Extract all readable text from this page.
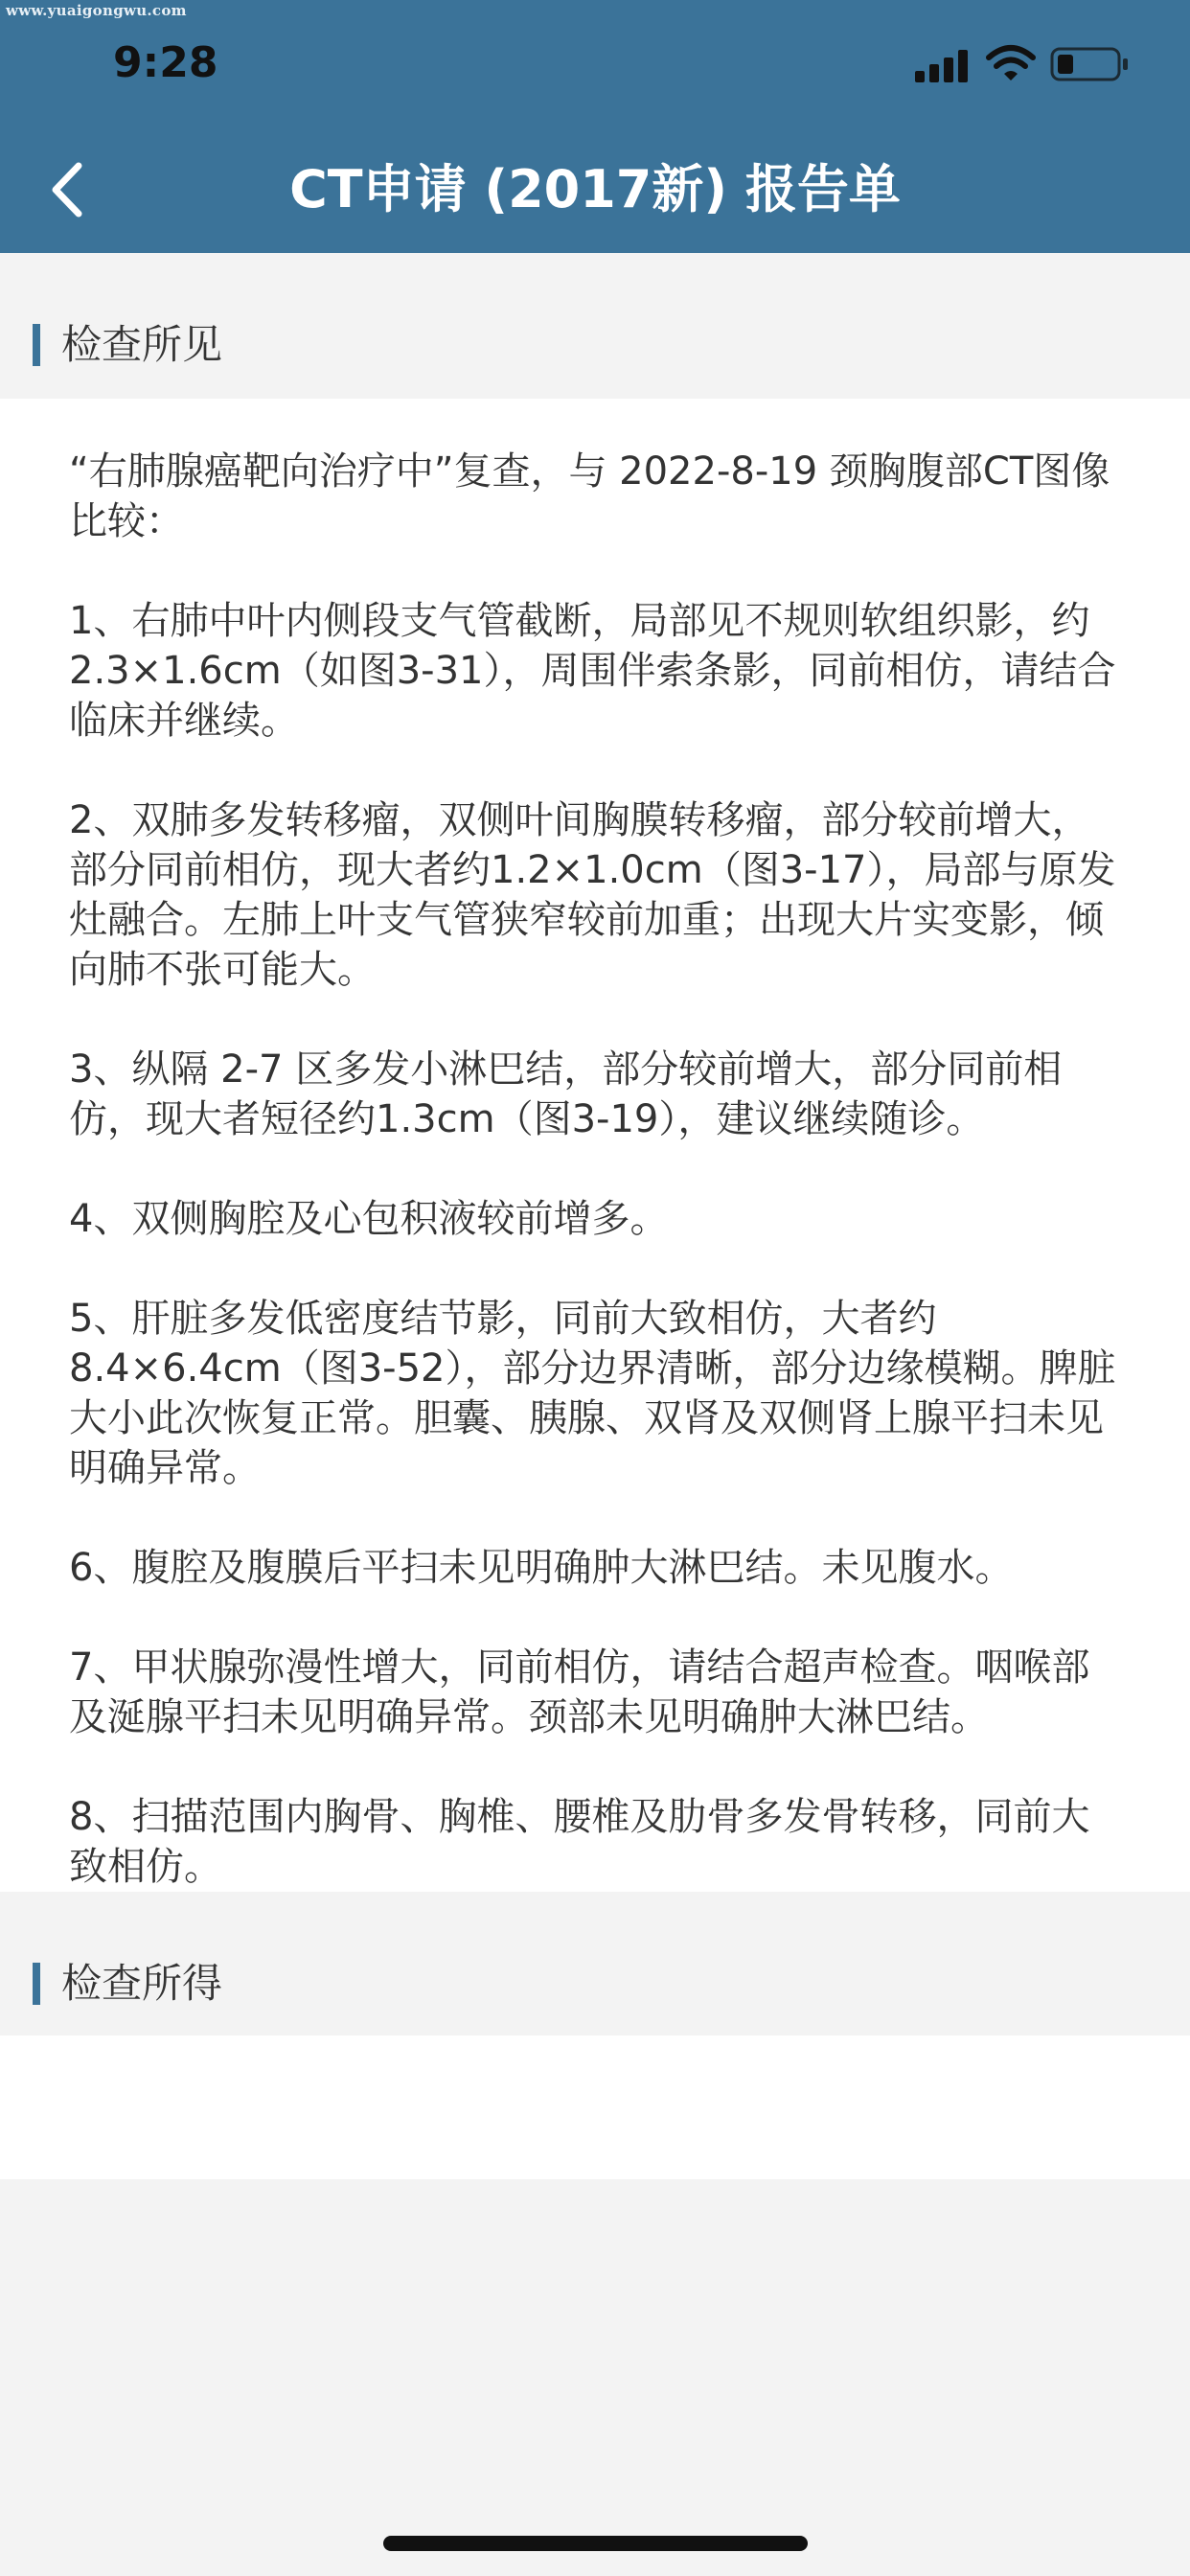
www.yuaigongwu.com
9:28
CT申请 (2017新) 报告单
检查所见

“右肺腺癌靶向治疗中”复查，与 2022-8-19 颈胸腹部CT图像比较：

1、右肺中叶内侧段支气管截断，局部见不规则软组织影，约2.3×1.6cm（如图3-31），周围伴索条影，同前相仿，请结合临床并继续。

2、双肺多发转移瘤，双侧叶间胸膜转移瘤，部分较前增大，部分同前相仿，现大者约1.2×1.0cm（图3-17），局部与原发灶融合。左肺上叶支气管狭窄较前加重；出现大片实变影，倾向肺不张可能大。

3、纵隔 2-7 区多发小淋巴结，部分较前增大，部分同前相仿，现大者短径约1.3cm（图3-19），建议继续随诊。

4、双侧胸腔及心包积液较前增多。

5、肝脏多发低密度结节影，同前大致相仿，大者约8.4×6.4cm（图3-52），部分边界清晰，部分边缘模糊。脾脏大小此次恢复正常。胆囊、胰腺、双肾及双侧肾上腺平扫未见明确异常。

6、腹腔及腹膜后平扫未见明确肿大淋巴结。未见腹水。

7、甲状腺弥漫性增大，同前相仿，请结合超声检查。咽喉部及涎腺平扫未见明确异常。颈部未见明确肿大淋巴结。

8、扫描范围内胸骨、胸椎、腰椎及肋骨多发骨转移，同前大致相仿。

检查所得
